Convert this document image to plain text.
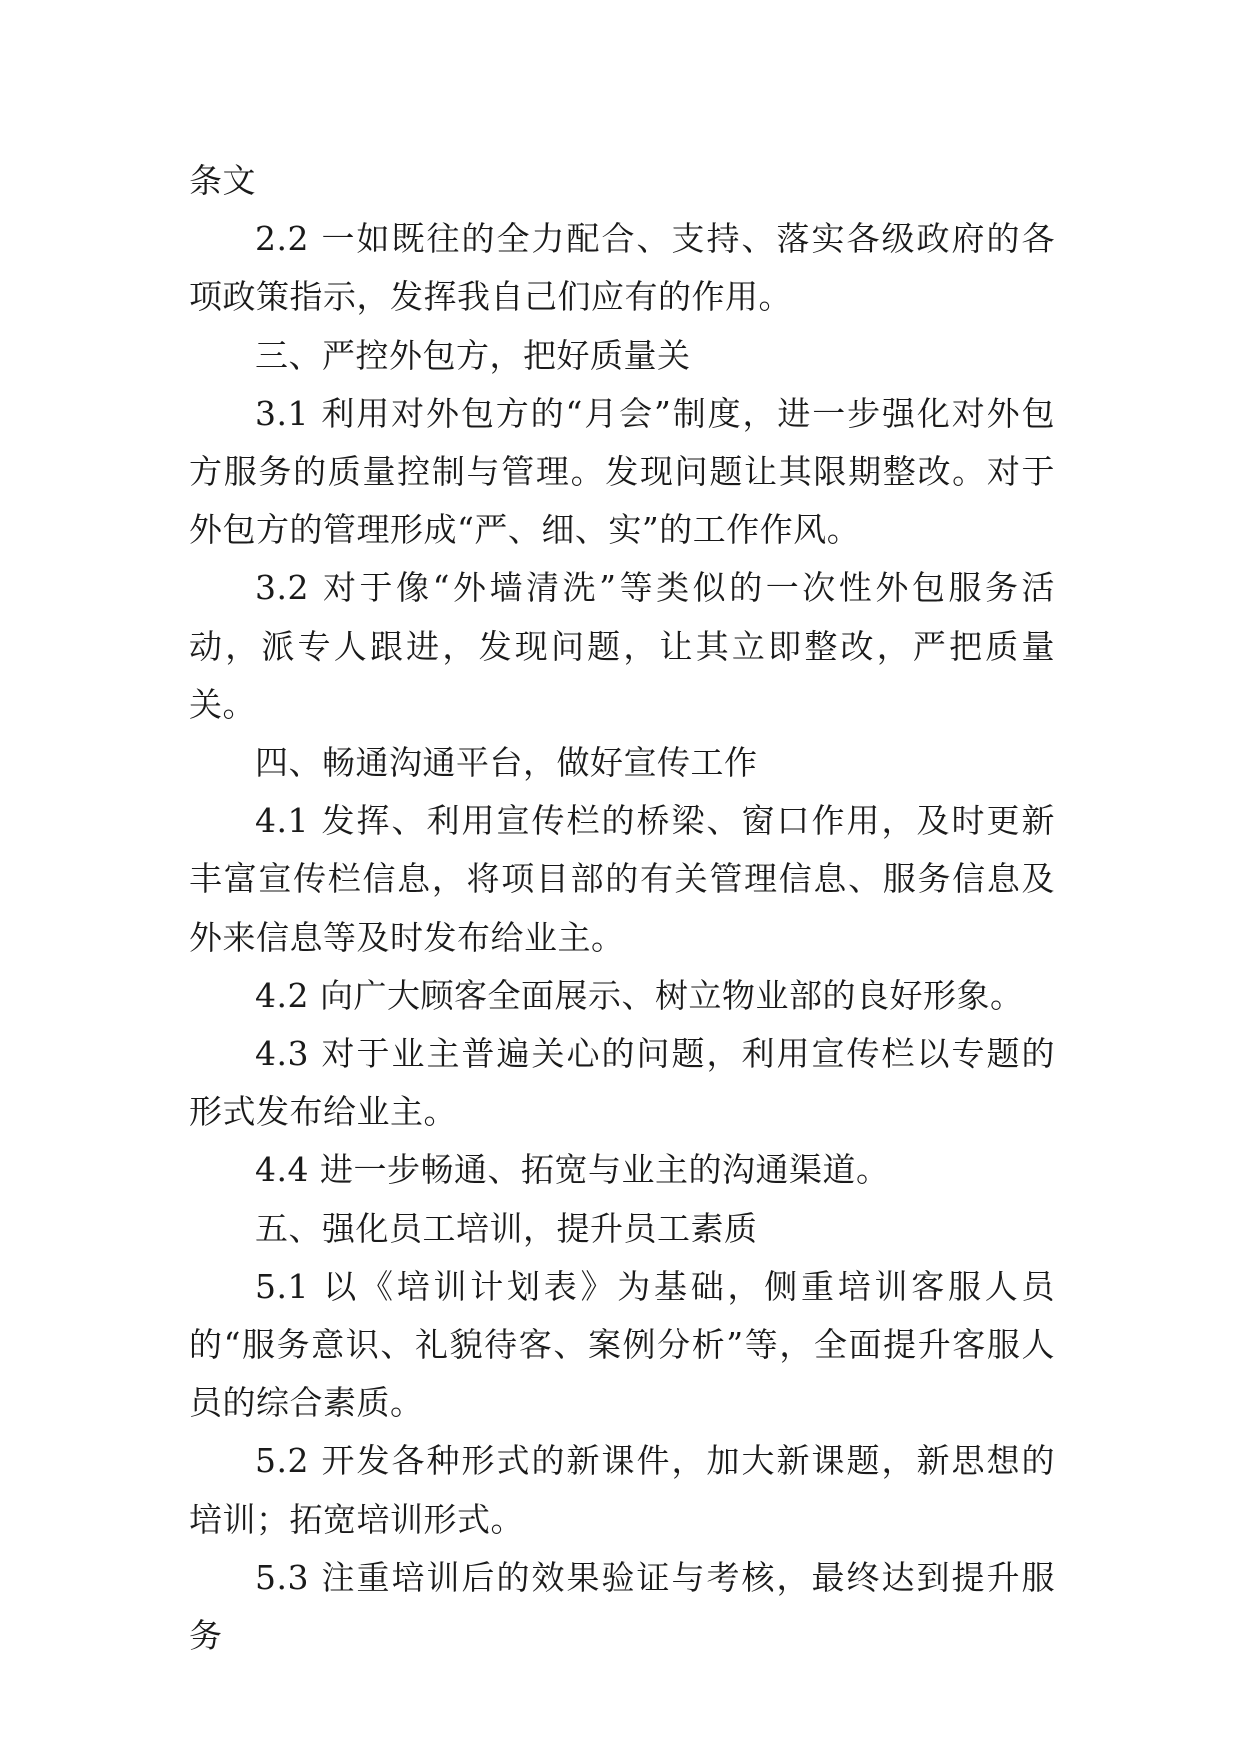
条文

2.2 一如既往的全力配合、支持、落实各级政府的各项政策指示，发挥我自己们应有的作用。

三、严控外包方，把好质量关

3.1 利用对外包方的“月会”制度，进一步强化对外包方服务的质量控制与管理。发现问题让其限期整改。对于外包方的管理形成“严、细、实”的工作作风。

3.2 对于像“外墙清洗”等类似的一次性外包服务活动，派专人跟进，发现问题，让其立即整改，严把质量关。

四、畅通沟通平台，做好宣传工作

4.1 发挥、利用宣传栏的桥梁、窗口作用，及时更新丰富宣传栏信息，将项目部的有关管理信息、服务信息及外来信息等及时发布给业主。

4.2 向广大顾客全面展示、树立物业部的良好形象。

4.3 对于业主普遍关心的问题，利用宣传栏以专题的形式发布给业主。

4.4 进一步畅通、拓宽与业主的沟通渠道。

五、强化员工培训，提升员工素质

5.1 以《培训计划表》为基础，侧重培训客服人员的“服务意识、礼貌待客、案例分析”等，全面提升客服人员的综合素质。

5.2 开发各种形式的新课件，加大新课题，新思想的培训；拓宽培训形式。

5.3 注重培训后的效果验证与考核，最终达到提升服务
